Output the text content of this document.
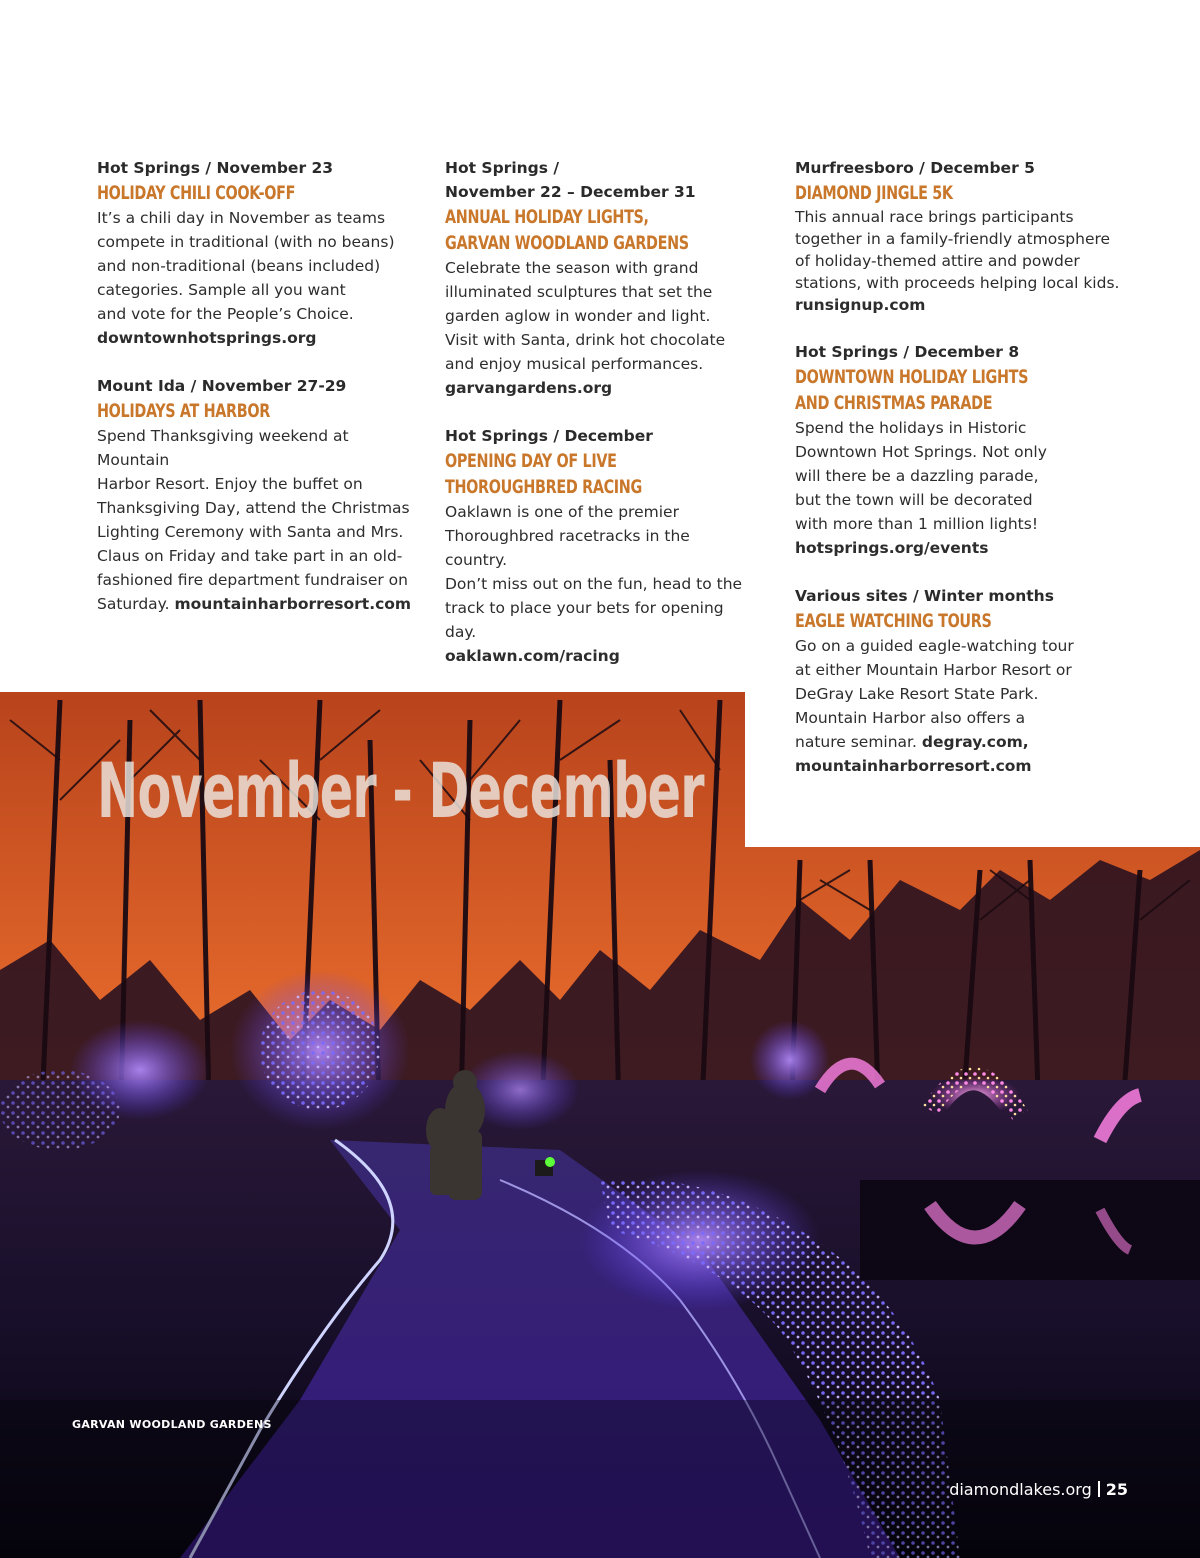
Hot Springs / November 23

HOLIDAY CHILI COOK-OFF

It’s a chili day in November as teams
compete in traditional (with no beans)
and non-traditional (beans included)
categories. Sample all you want
and vote for the People’s Choice.
downtownhotsprings.org

Mount Ida / November 27-29

HOLIDAYS AT HARBOR

Spend Thanksgiving weekend at Mountain
Harbor Resort. Enjoy the buffet on
Thanksgiving Day, attend the Christmas
Lighting Ceremony with Santa and Mrs.
Claus on Friday and take part in an old-
fashioned fire department fundraiser on
Saturday. mountainharborresort.com

Hot Springs /
November 22 – December 31

ANNUAL HOLIDAY LIGHTS,
GARVAN WOODLAND GARDENS

Celebrate the season with grand
illuminated sculptures that set the
garden aglow in wonder and light.
Visit with Santa, drink hot chocolate
and enjoy musical performances.
garvangardens.org

Hot Springs / December

OPENING DAY OF LIVE
THOROUGHBRED RACING

Oaklawn is one of the premier
Thoroughbred racetracks in the country.
Don’t miss out on the fun, head to the
track to place your bets for opening day.
oaklawn.com/racing

Murfreesboro / December 5

DIAMOND JINGLE 5K

This annual race brings participants
together in a family-friendly atmosphere
of holiday-themed attire and powder
stations, with proceeds helping local kids.
runsignup.com

Hot Springs / December 8

DOWNTOWN HOLIDAY LIGHTS
AND CHRISTMAS PARADE

Spend the holidays in Historic
Downtown Hot Springs. Not only
will there be a dazzling parade,
but the town will be decorated
with more than 1 million lights!
hotsprings.org/events

Various sites / Winter months

EAGLE WATCHING TOURS

Go on a guided eagle-watching tour
at either Mountain Harbor Resort or
DeGray Lake Resort State Park.
Mountain Harbor also offers a
nature seminar. degray.com,
mountainharborresort.com

November - December
GARVAN WOODLAND GARDENS
diamondlakes.org 25
